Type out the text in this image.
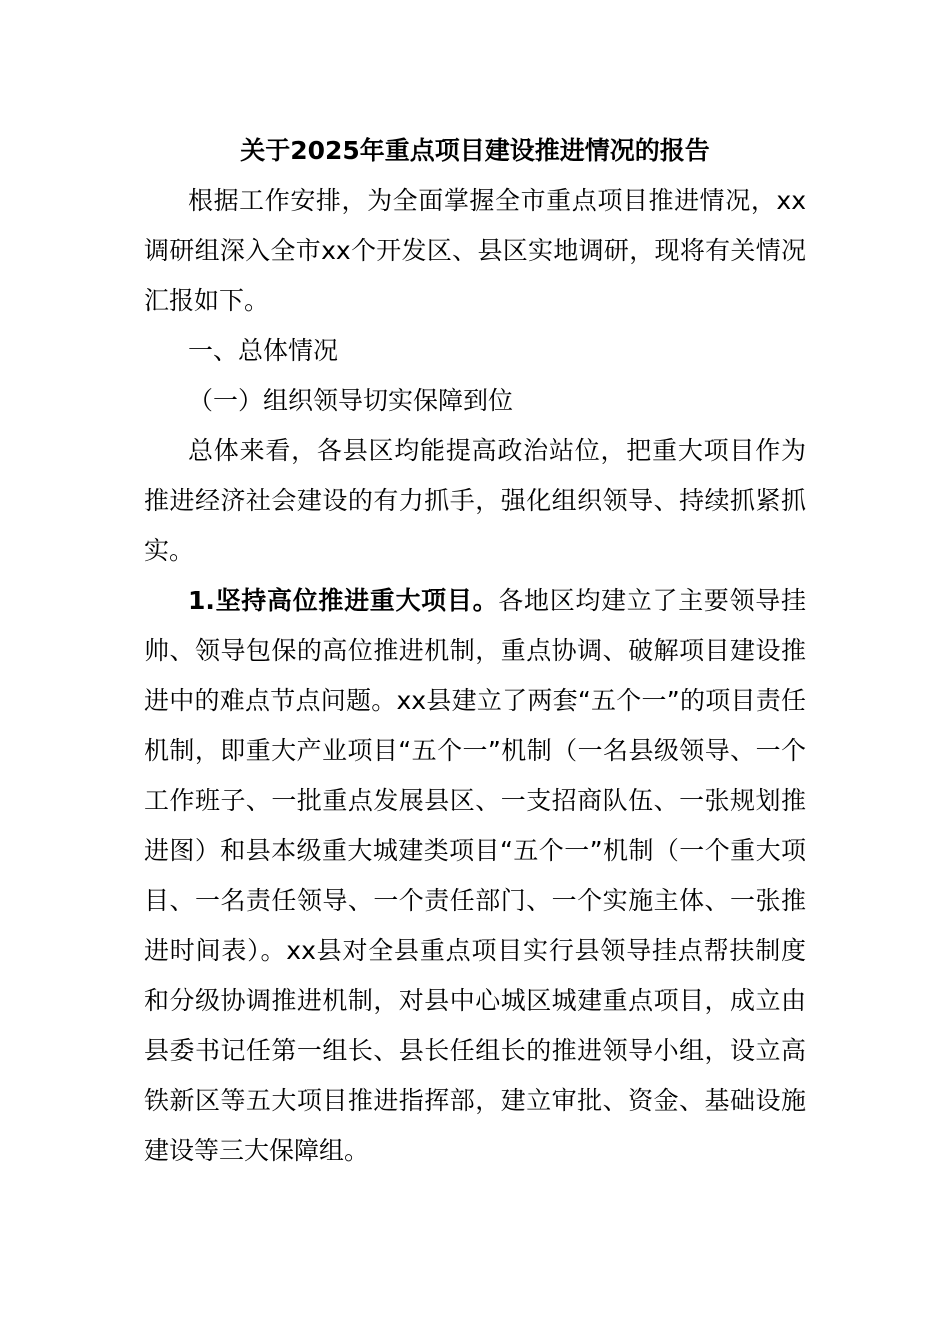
关于2025年重点项目建设推进情况的报告

根据工作安排，为全面掌握全市重点项目推进情况，xx调研组深入全市xx个开发区、县区实地调研，现将有关情况汇报如下。

一、总体情况

（一）组织领导切实保障到位

总体来看，各县区均能提高政治站位，把重大项目作为推进经济社会建设的有力抓手，强化组织领导、持续抓紧抓实。

1.坚持高位推进重大项目。各地区均建立了主要领导挂帅、领导包保的高位推进机制，重点协调、破解项目建设推进中的难点节点问题。xx县建立了两套“五个一”的项目责任机制，即重大产业项目“五个一”机制（一名县级领导、一个工作班子、一批重点发展县区、一支招商队伍、一张规划推进图）和县本级重大城建类项目“五个一”机制（一个重大项目、一名责任领导、一个责任部门、一个实施主体、一张推进时间表）。xx县对全县重点项目实行县领导挂点帮扶制度和分级协调推进机制，对县中心城区城建重点项目，成立由县委书记任第一组长、县长任组长的推进领导小组，设立高铁新区等五大项目推进指挥部，建立审批、资金、基础设施建设等三大保障组。
